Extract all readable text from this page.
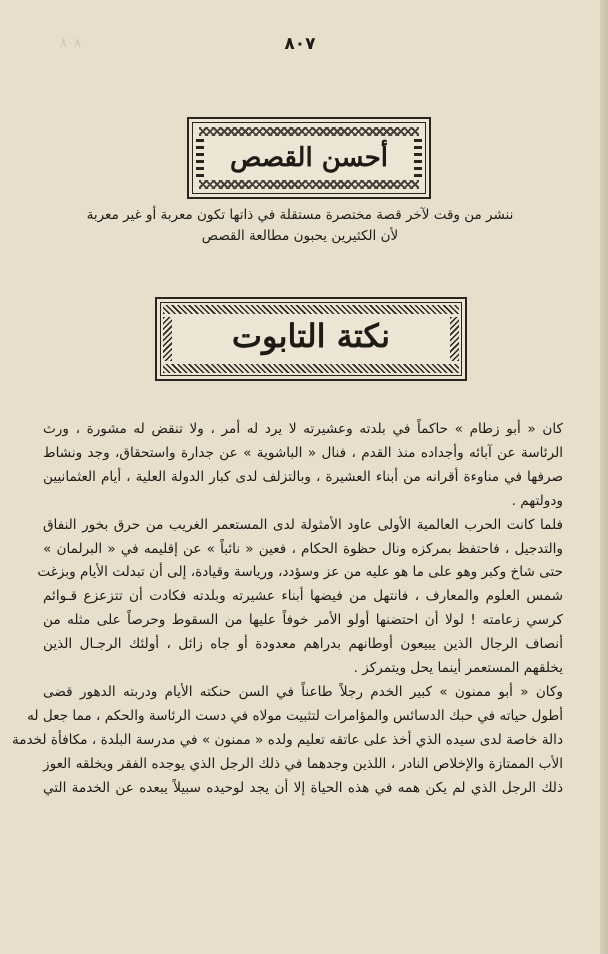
٨٠٨	٨٠٧
أحسن القصص
ننشر من وقت لآخر قصة مختصرة مستقلة في ذاتها تكون معربة أو غير معربة
لأن الكثيرين يحبون مطالعة القصص
نكتة التابوت
كان « أبو زطام » حاكماً في بلدته وعشيرته لا يرد له أمر ، ولا تنقض له مشورة ، ورث
الرئاسة عن آبائه وأجداده منذ القدم ، فنال « الباشوية » عن جدارة واستحقاق، وجد ونشاط
صرفها في مناوءة أقرانه من أبناء العشيرة ، وبالتزلف لدى كبار الدولة العلية ، أيام العثمانيين
ودولتهم .
فلما كانت الحرب العالمية الأولى عاود الأمثولة لدى المستعمر الغريب من حرق بخور النفاق
والتدجيل ، فاحتفظ بمركزه ونال حظوة الحكام ، فعين « نائباً » عن إقليمه في « البرلمان »
حتى شاخ وكبر وهو على ما هو عليه من عز وسؤدد، ورياسة وقيادة، إلى أن تبدلت الأيام وبزغت
شمس العلوم والمعارف ، فانتهل من فيضها أبناء عشيرته وبلدته فكادت أن تتزعزع قـوائم
كرسي زعامته ! لولا أن احتضنها أولو الأمر خوفاً عليها من السقوط وحرصاً على مثله من
أنصاف الرجال الذين يبيعون أوطانهم بدراهم معدودة أو جاه زائل ، أولئك الرجـال الذين
يخلقهم المستعمر أينما يحل ويتمركز .
وكان « أبو ممنون » كبير الخدم رجلاً طاعناً في السن حنكته الأيام ودربته الدهور قضى
أطول حياته في حبك الدسائس والمؤامرات لتثبيت مولاه في دست الرئاسة والحكم ، مما جعل له
دالة خاصة لدى سيده الذي أخذ على عاتقه تعليم ولده « ممنون » في مدرسة البلدة ، مكافأة لخدمة
الأب الممتازة والإخلاص النادر ، اللذين وجدهما في ذلك الرجل الذي يوجده الفقر ويخلقه العوز
ذلك الرجل الذي لم يكن همه في هذه الحياة إلا أن يجد لوحيده سبيلاً يبعده عن الخدمة التي
